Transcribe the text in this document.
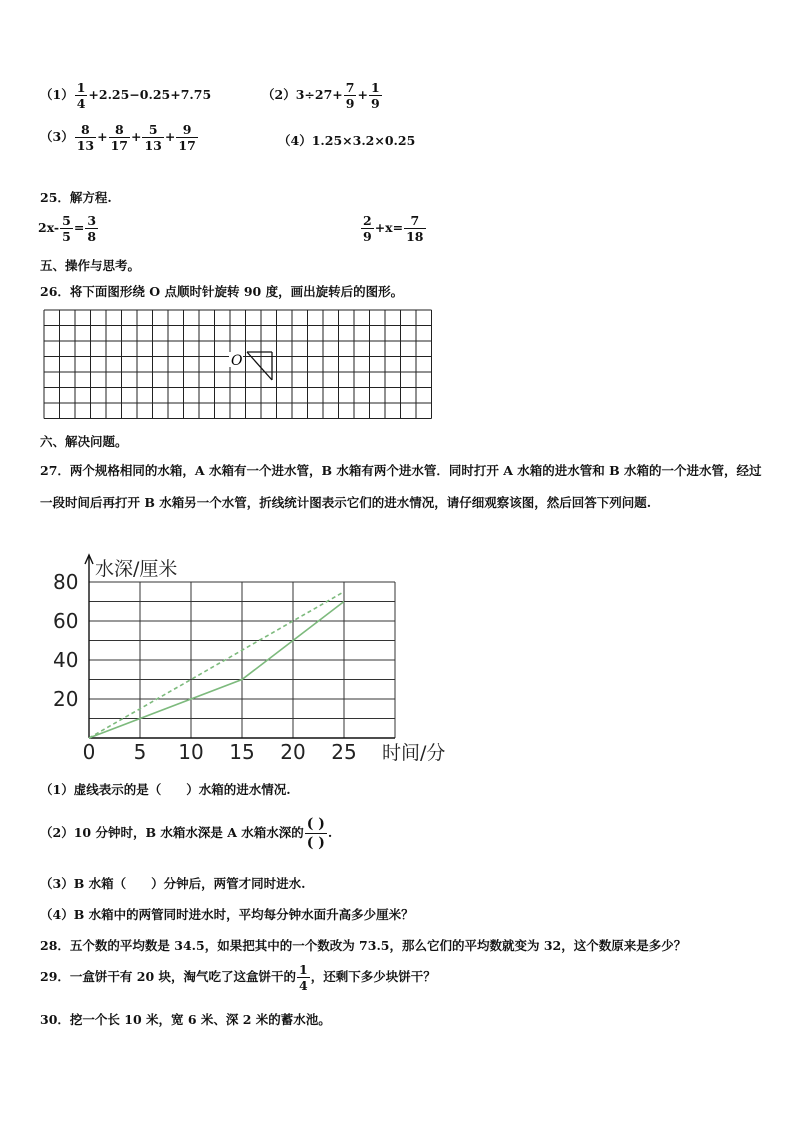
$(1) \frac{1}{4} +2.25-0.25+7.75$	$(2)3\div 27+ \frac{7}{9} + \frac{1}{9}$
$(3) \frac{8}{13} + \frac{8}{17} + \frac{5}{13} + \frac{9}{17}$	（4）1.25×3.2×0.25
25．解方程.
$2x- \frac{5}{5} = \frac{3}{8}$	$\frac{2}{9} +x= \frac{7}{18}$
五、操作与思考。
26．将下面图形绕 O 点顺时针旋转 90 度，画出旋转后的图形。
O
六、解决问题。
27．两个规格相同的水箱，A 水箱有一个进水管，B 水箱有两个进水管．同时打开 A 水箱的进水管和 B 水箱的一个进水管，经过一段时间后再打开 B 水箱另一个水管，折线统计图表示它们的进水情况，请仔细观察该图，然后回答下列问题.
20
40
60
80
0 5 10 15 20 25
水深/厘米
时间/分
（1）虚线表示的是（　　）水箱的进水情况.
（2）10 分钟时，B 水箱水深是 A 水箱水深的 $\frac{( )}{( )}$ .
（3）B 水箱（　　）分钟后，两管才同时进水.
（4）B 水箱中的两管同时进水时，平均每分钟水面升高多少厘米？
28．五个数的平均数是 34.5，如果把其中的一个数改为 73.5，那么它们的平均数就变为 32，这个数原来是多少？
29．一盒饼干有 20 块，淘气吃了这盒饼干的 $\frac{1}{4}$ ，还剩下多少块饼干？
30．挖一个长 10 米，宽 6 米、深 2 米的蓄水池。
